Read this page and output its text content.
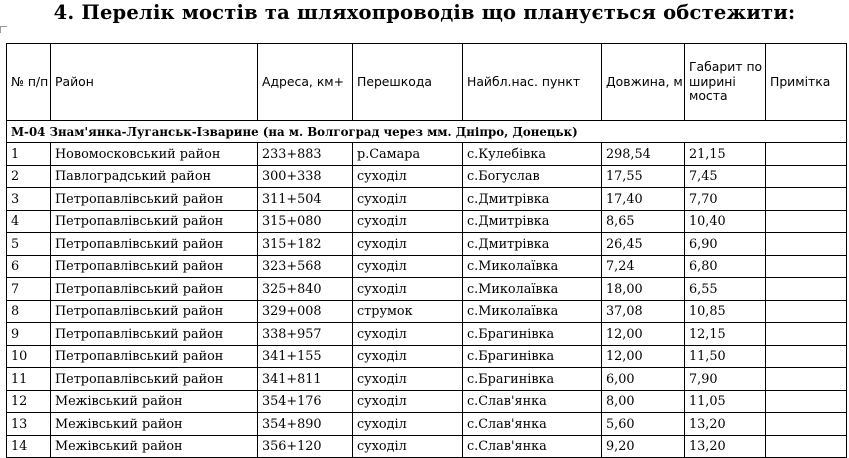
4. Перелік мостів та шляхопроводів що планується обстежити:
№ п/п	Район	Адреса, км+	Перешкода	Найбл.нас. пункт	Довжина, м	Габарит по ширині моста	Примітка
М-04 Знам'янка-Луганськ-Ізварине (на м. Волгоград через мм. Дніпро, Донецьк)							
1	Новомосковський район	233+883	р.Самара	с.Кулебівка	298,54	21,15	
2	Павлоградський район	300+338	суходіл	с.Богуслав	17,55	7,45	
3	Петропавлівський район	311+504	суходіл	с.Дмитрівка	17,40	7,70	
4	Петропавлівський район	315+080	суходіл	с.Дмитрівка	8,65	10,40	
5	Петропавлівський район	315+182	суходіл	с.Дмитрівка	26,45	6,90	
6	Петропавлівський район	323+568	суходіл	с.Миколаївка	7,24	6,80	
7	Петропавлівський район	325+840	суходіл	с.Миколаївка	18,00	6,55	
8	Петропавлівський район	329+008	струмок	с.Миколаївка	37,08	10,85	
9	Петропавлівський район	338+957	суходіл	с.Брагинівка	12,00	12,15	
10	Петропавлівський район	341+155	суходіл	с.Брагинівка	12,00	11,50	
11	Петропавлівський район	341+811	суходіл	с.Брагинівка	6,00	7,90	
12	Межівський район	354+176	суходіл	с.Слав'янка	8,00	11,05	
13	Межівський район	354+890	суходіл	с.Слав'янка	5,60	13,20	
14	Межівський район	356+120	суходіл	с.Слав'янка	9,20	13,20	
